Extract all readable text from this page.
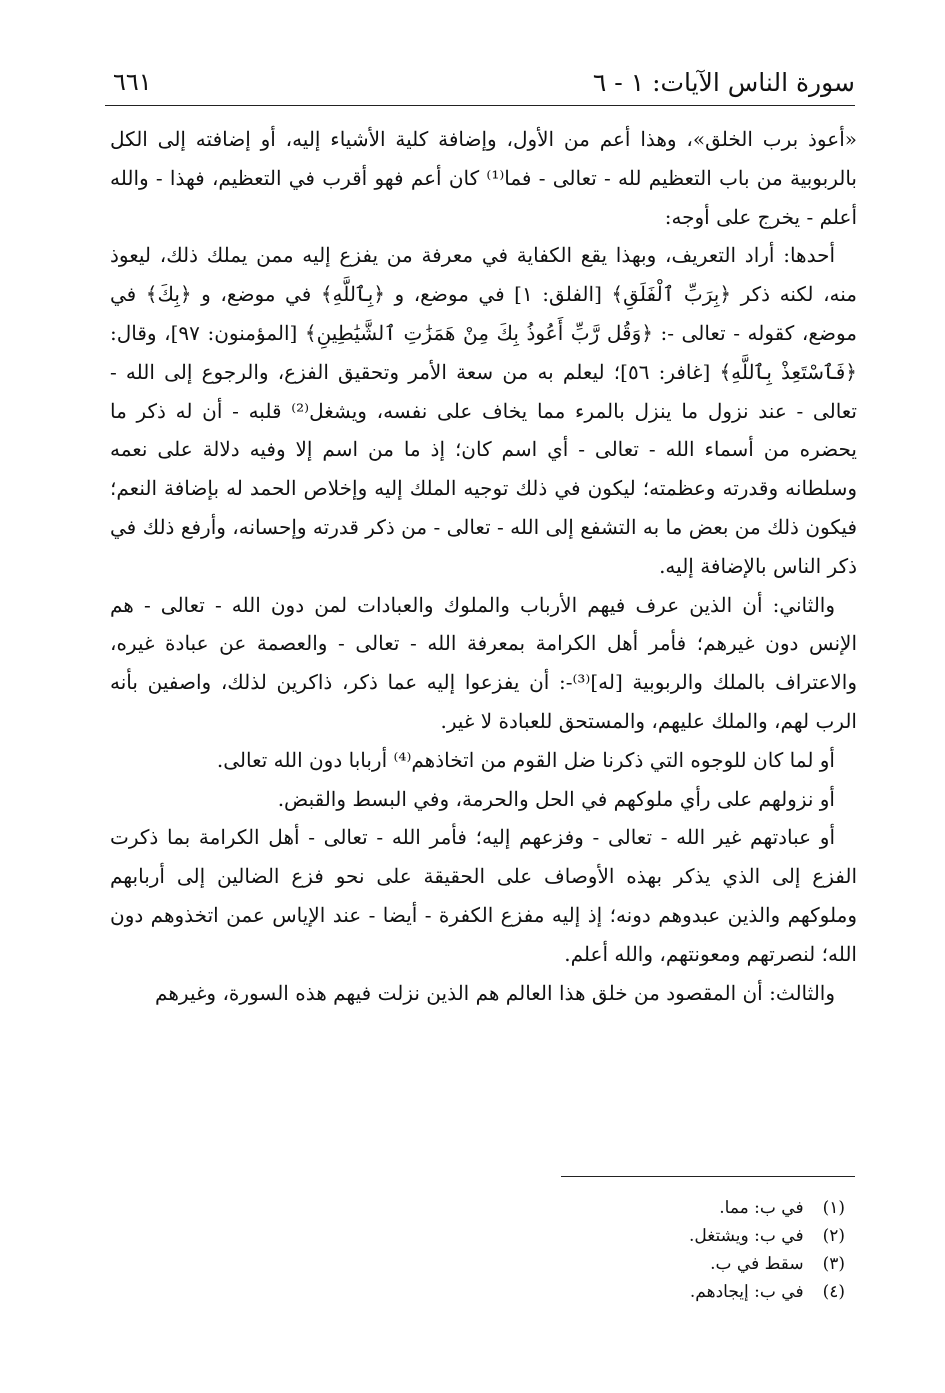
سورة الناس الآيات: ١ - ٦
٦٦١

«أعوذ برب الخلق»، وهذا أعم من الأول، وإضافة كلية الأشياء إليه، أو إضافته إلى الكل بالربوبية من باب التعظيم لله - تعالى - فما⁽¹⁾ كان أعم فهو أقرب في التعظيم، فهذا - والله أعلم - يخرج على أوجه:

أحدها: أراد التعريف، وبهذا يقع الكفاية في معرفة من يفزع إليه ممن يملك ذلك، ليعوذ منه، لكنه ذكر ﴿بِرَبِّ ٱلْفَلَقِ﴾ [الفلق: ١] في موضع، و ﴿بِٱللَّهِ﴾ في موضع، و ﴿بِكَ﴾ في موضع، كقوله - تعالى -: ﴿وَقُل رَّبِّ أَعُوذُ بِكَ مِنْ هَمَزَٰتِ ٱلشَّيَٰطِينِ﴾ [المؤمنون: ٩٧]، وقال: ﴿فَٱسْتَعِذْ بِٱللَّهِ﴾ [غافر: ٥٦]؛ ليعلم به من سعة الأمر وتحقيق الفزع، والرجوع إلى الله - تعالى - عند نزول ما ينزل بالمرء مما يخاف على نفسه، ويشغل⁽²⁾ قلبه - أن له ذكر ما يحضره من أسماء الله - تعالى - أي اسم كان؛ إذ ما من اسم إلا وفيه دلالة على نعمه وسلطانه وقدرته وعظمته؛ ليكون في ذلك توجيه الملك إليه وإخلاص الحمد له بإضافة النعم؛ فيكون ذلك من بعض ما به التشفع إلى الله - تعالى - من ذكر قدرته وإحسانه، وأرفع ذلك في ذكر الناس بالإضافة إليه.

والثاني: أن الذين عرف فيهم الأرباب والملوك والعبادات لمن دون الله - تعالى - هم الإنس دون غيرهم؛ فأمر أهل الكرامة بمعرفة الله - تعالى - والعصمة عن عبادة غيره، والاعتراف بالملك والربوبية [له]⁽³⁾-: أن يفزعوا إليه عما ذكر، ذاكرين لذلك، واصفين بأنه الرب لهم، والملك عليهم، والمستحق للعبادة لا غير.

أو لما كان للوجوه التي ذكرنا ضل القوم من اتخاذهم⁽⁴⁾ أربابا دون الله تعالى.

أو نزولهم على رأي ملوكهم في الحل والحرمة، وفي البسط والقبض.

أو عبادتهم غير الله - تعالى - وفزعهم إليه؛ فأمر الله - تعالى - أهل الكرامة بما ذكرت الفزع إلى الذي يذكر بهذه الأوصاف على الحقيقة على نحو فزع الضالين إلى أربابهم وملوكهم والذين عبدوهم دونه؛ إذ إليه مفزع الكفرة - أيضا - عند الإياس عمن اتخذوهم دون الله؛ لنصرتهم ومعونتهم، والله أعلم.

والثالث: أن المقصود من خلق هذا العالم هم الذين نزلت فيهم هذه السورة، وغيرهم

(١) في ب: مما.
(٢) في ب: ويشتغل.
(٣) سقط في ب.
(٤) في ب: إيجادهم.
